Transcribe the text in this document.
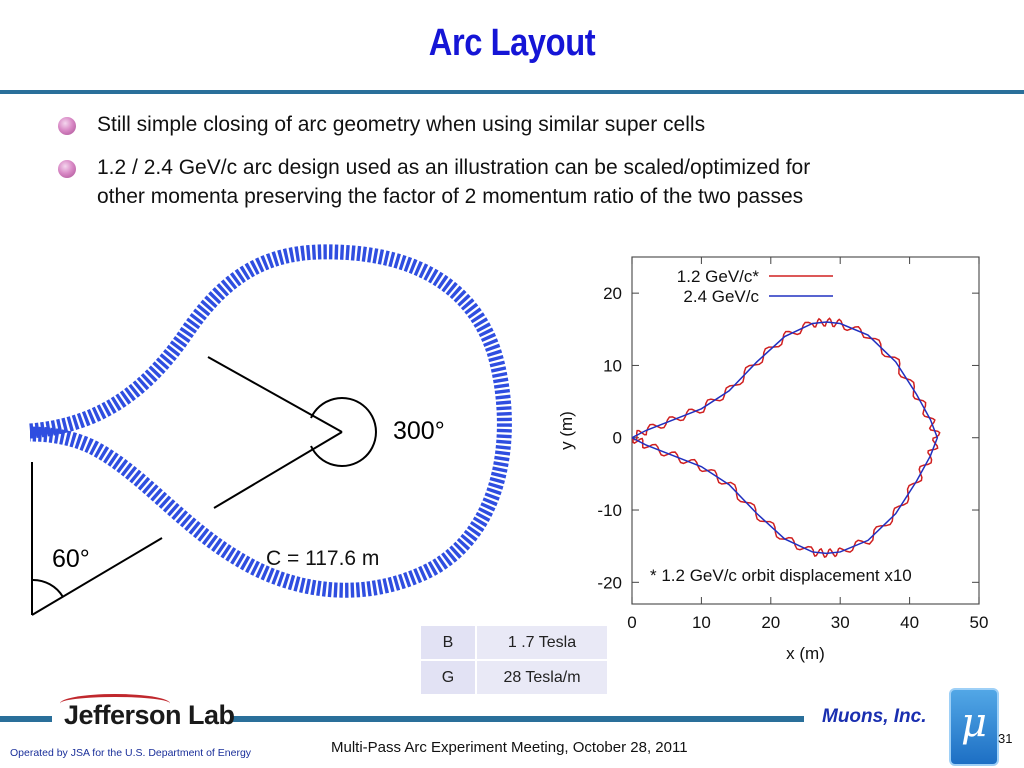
Arc Layout
Still simple closing of arc geometry when using similar super cells
1.2 / 2.4 GeV/c arc design used as an illustration can be scaled/optimized for
other momenta preserving the factor of 2 momentum ratio of the two passes
300°
60°	C = 117.6 m
0	10	20	30	40	50
20
10
0
-10
-20
x (m)
y (m)
1.2 GeV/c*
2.4 GeV/c
* 1.2 GeV/c orbit displacement x10
B	1 .7 Tesla
G	28 Tesla/m
Jefferson Lab
Operated by JSA for the U.S. Department of Energy	Multi-Pass Arc Experiment Meeting, October 28, 2011
Muons, Inc. μ 31
